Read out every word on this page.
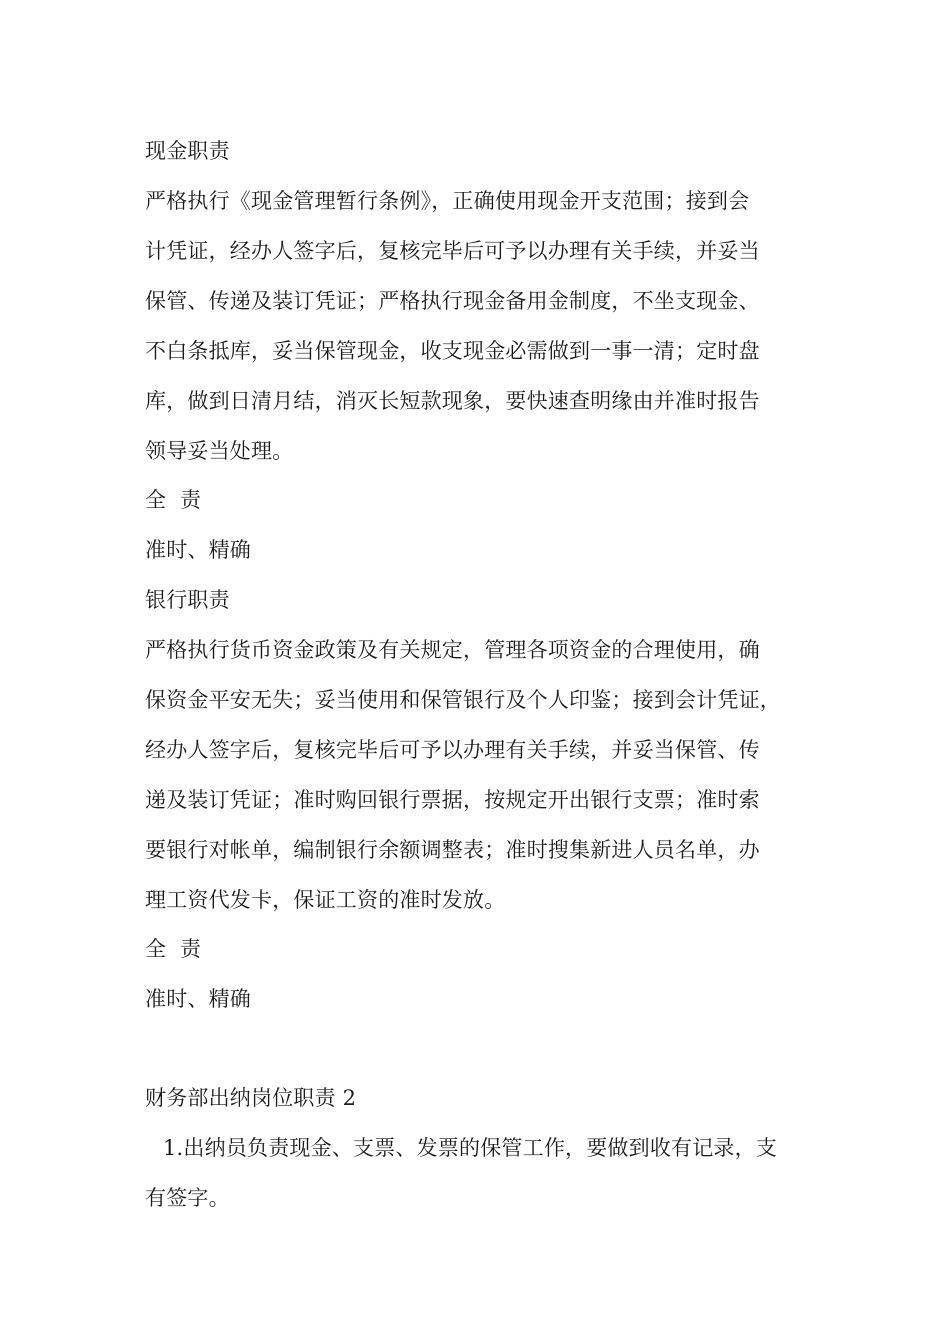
现金职责
严格执行《现金管理暂行条例》，正确使用现金开支范围；接到会
计凭证，经办人签字后，复核完毕后可予以办理有关手续，并妥当
保管、传递及装订凭证；严格执行现金备用金制度，不坐支现金、
不白条抵库，妥当保管现金，收支现金必需做到一事一清；定时盘
库，做到日清月结，消灭长短款现象，要快速查明缘由并准时报告
领导妥当处理。
全  责
准时、精确
银行职责
严格执行货币资金政策及有关规定，管理各项资金的合理使用，确
保资金平安无失；妥当使用和保管银行及个人印鉴；接到会计凭证，
经办人签字后，复核完毕后可予以办理有关手续，并妥当保管、传
递及装订凭证；准时购回银行票据，按规定开出银行支票；准时索
要银行对帐单，编制银行余额调整表；准时搜集新进人员名单，办
理工资代发卡，保证工资的准时发放。
全  责
准时、精确
财务部出纳岗位职责 2
1.出纳员负责现金、支票、发票的保管工作，要做到收有记录，支
有签字。
